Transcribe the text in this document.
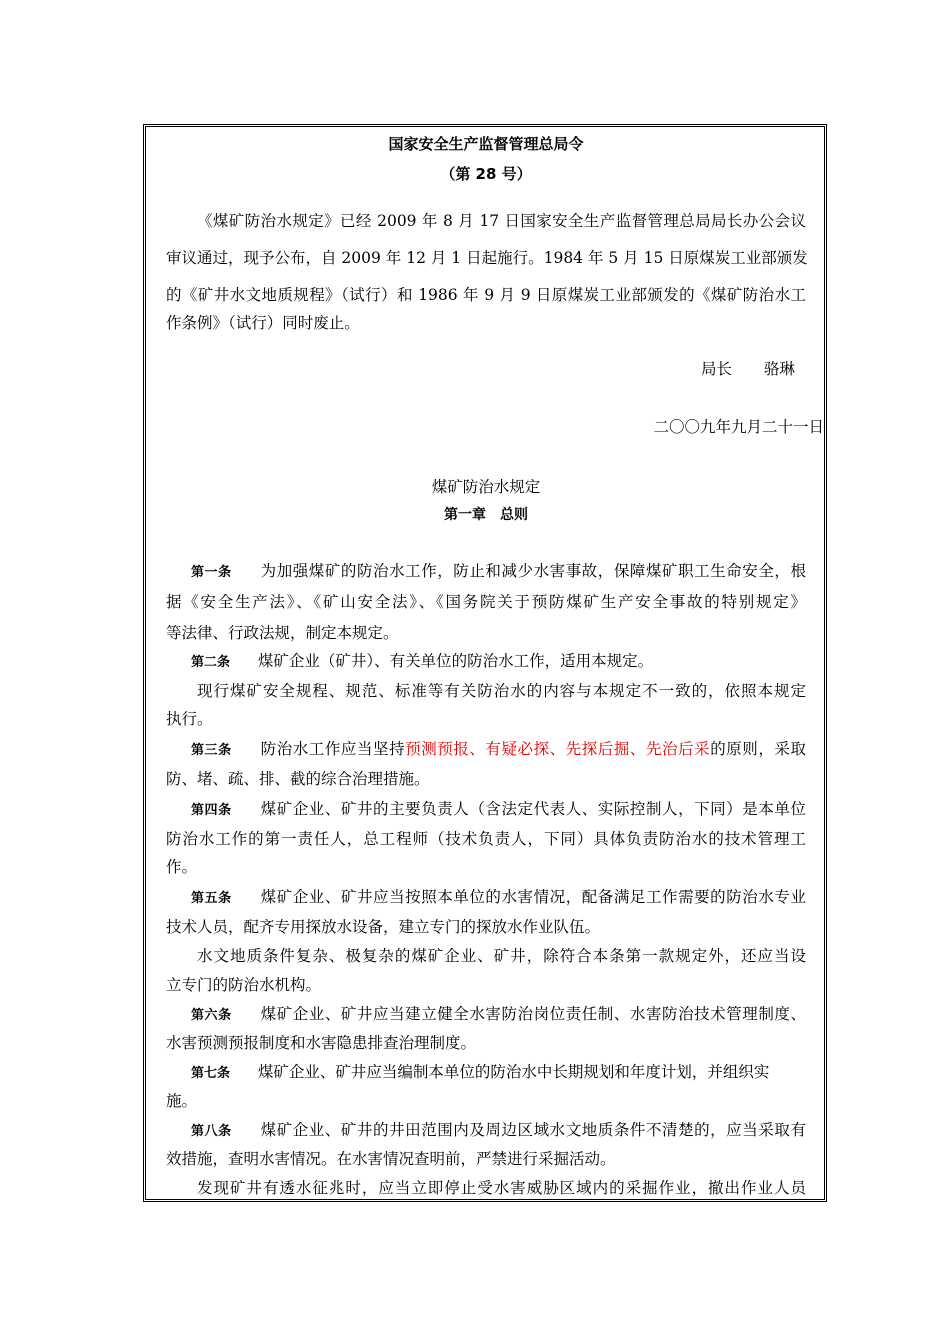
国家安全生产监督管理总局令
（第 28 号）
《煤矿防治水规定》已经 2009 年 8 月 17 日国家安全生产监督管理总局局长办公会议
审议通过，现予公布，自 2009 年 12 月 1 日起施行。1984 年 5 月 15 日原煤炭工业部颁发
的《矿井水文地质规程》（试行）和 1986 年 9 月 9 日原煤炭工业部颁发的《煤矿防治水工
作条例》（试行）同时废止。
局长 骆琳
二〇〇九年九月二十一日
煤矿防治水规定
第一章　总则
第一条 为加强煤矿的防治水工作，防止和减少水害事故，保障煤矿职工生命安全，根
据《安全生产法》、《矿山安全法》、《国务院关于预防煤矿生产安全事故的特别规定》
等法律、行政法规，制定本规定。
第二条 煤矿企业（矿井）、有关单位的防治水工作，适用本规定。
现行煤矿安全规程、规范、标准等有关防治水的内容与本规定不一致的，依照本规定
执行。
第三条 防治水工作应当坚持预测预报、有疑必探、先探后掘、先治后采的原则，采取
防、堵、疏、排、截的综合治理措施。
第四条 煤矿企业、矿井的主要负责人（含法定代表人、实际控制人，下同）是本单位
防治水工作的第一责任人，总工程师（技术负责人，下同）具体负责防治水的技术管理工
作。
第五条 煤矿企业、矿井应当按照本单位的水害情况，配备满足工作需要的防治水专业
技术人员，配齐专用探放水设备，建立专门的探放水作业队伍。
水文地质条件复杂、极复杂的煤矿企业、矿井，除符合本条第一款规定外，还应当设
立专门的防治水机构。
第六条 煤矿企业、矿井应当建立健全水害防治岗位责任制、水害防治技术管理制度、
水害预测预报制度和水害隐患排查治理制度。
第七条 煤矿企业、矿井应当编制本单位的防治水中长期规划和年度计划，并组织实
施。
第八条 煤矿企业、矿井的井田范围内及周边区域水文地质条件不清楚的，应当采取有
效措施，查明水害情况。在水害情况查明前，严禁进行采掘活动。
发现矿井有透水征兆时，应当立即停止受水害威胁区域内的采掘作业，撤出作业人员
